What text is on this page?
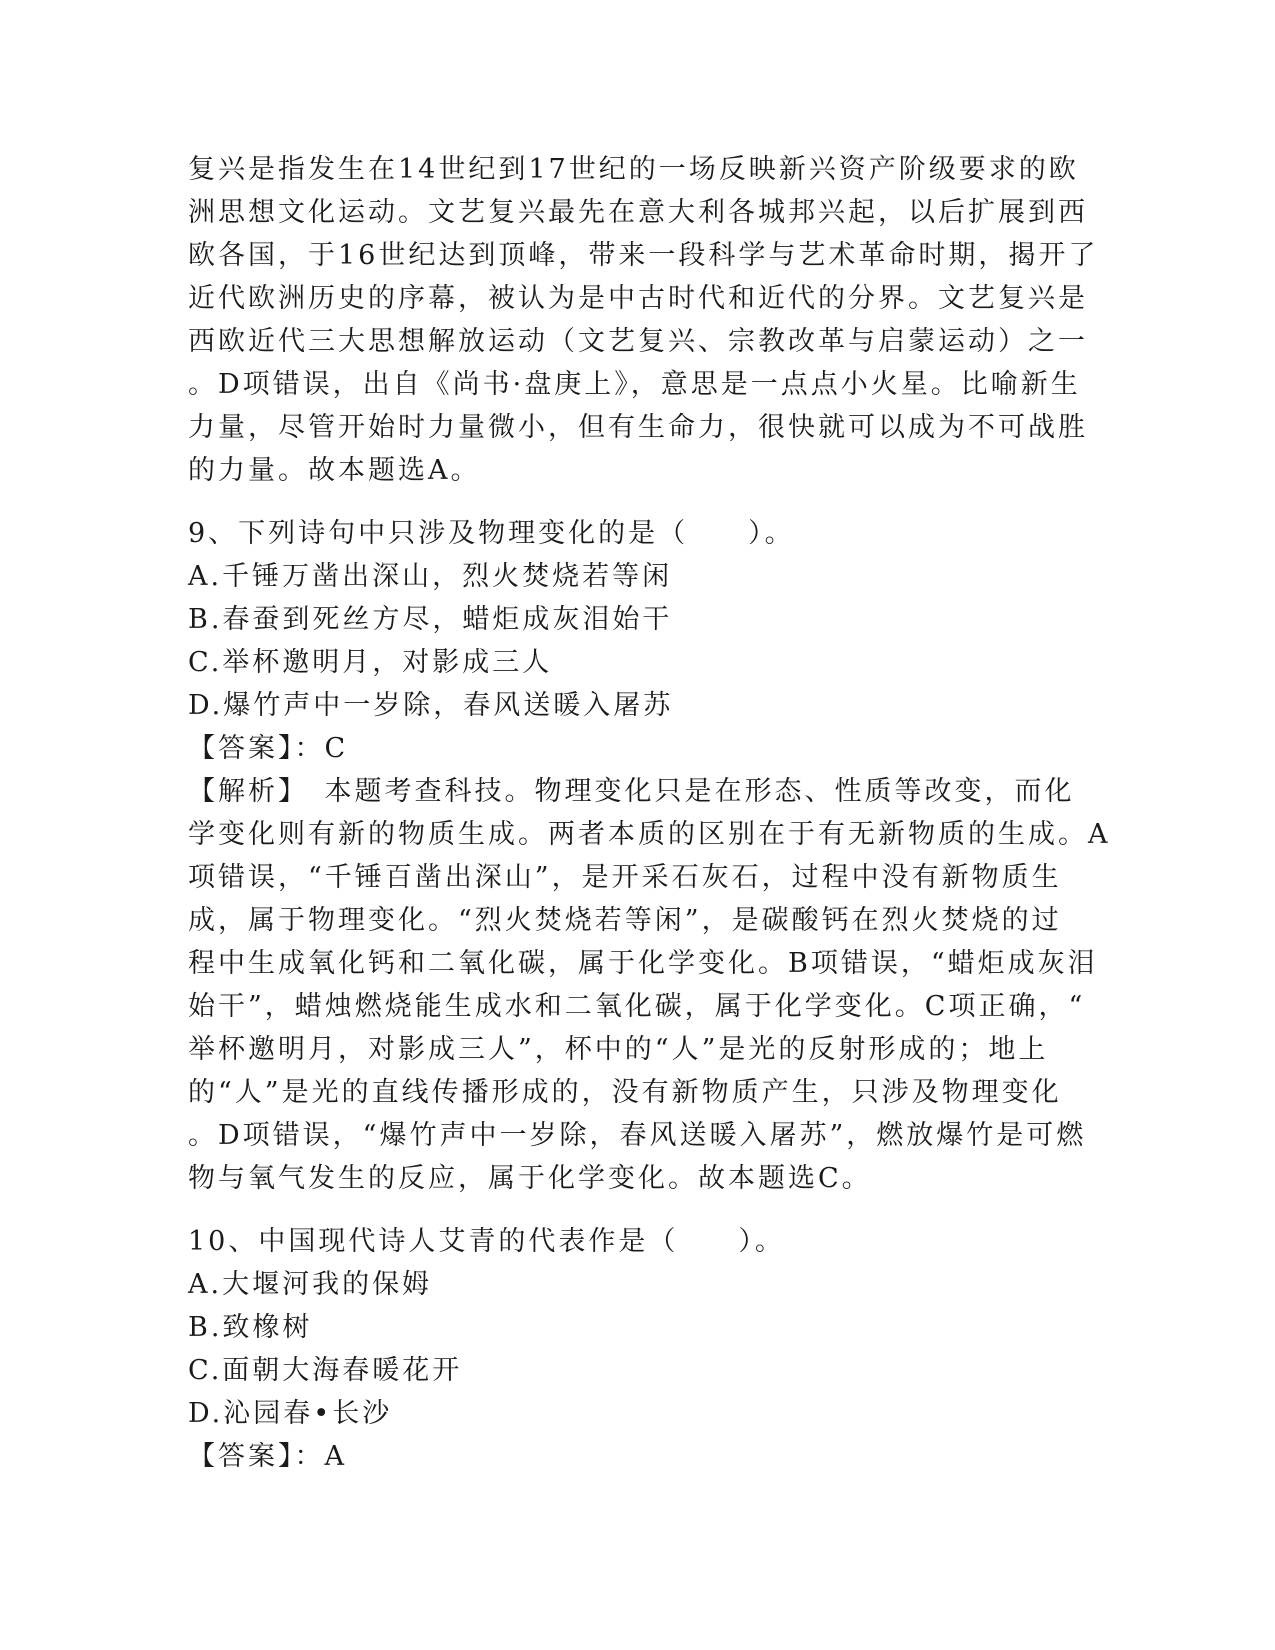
复兴是指发生在14世纪到17世纪的一场反映新兴资产阶级要求的欧
洲思想文化运动。文艺复兴最先在意大利各城邦兴起，以后扩展到西
欧各国，于16世纪达到顶峰，带来一段科学与艺术革命时期，揭开了
近代欧洲历史的序幕，被认为是中古时代和近代的分界。文艺复兴是
西欧近代三大思想解放运动（文艺复兴、宗教改革与启蒙运动）之一
。D项错误，出自《尚书·盘庚上》，意思是一点点小火星。比喻新生
力量，尽管开始时力量微小，但有生命力，很快就可以成为不可战胜
的力量。故本题选A。
9、下列诗句中只涉及物理变化的是（　　）。
A.千锤万凿出深山，烈火焚烧若等闲
B.春蚕到死丝方尽，蜡炬成灰泪始干
C.举杯邀明月，对影成三人
D.爆竹声中一岁除，春风送暖入屠苏
【答案】：C
【解析】　本题考查科技。物理变化只是在形态、性质等改变，而化
学变化则有新的物质生成。两者本质的区别在于有无新物质的生成。A
项错误，“千锤百凿出深山”，是开采石灰石，过程中没有新物质生
成，属于物理变化。“烈火焚烧若等闲”，是碳酸钙在烈火焚烧的过
程中生成氧化钙和二氧化碳，属于化学变化。B项错误，“蜡炬成灰泪
始干”，蜡烛燃烧能生成水和二氧化碳，属于化学变化。C项正确，“
举杯邀明月，对影成三人”，杯中的“人”是光的反射形成的；地上
的“人”是光的直线传播形成的，没有新物质产生，只涉及物理变化
。D项错误，“爆竹声中一岁除，春风送暖入屠苏”，燃放爆竹是可燃
物与氧气发生的反应，属于化学变化。故本题选C。
10、中国现代诗人艾青的代表作是（　　）。
A.大堰河我的保姆
B.致橡树
C.面朝大海春暖花开
D.沁园春•长沙
【答案】：A
